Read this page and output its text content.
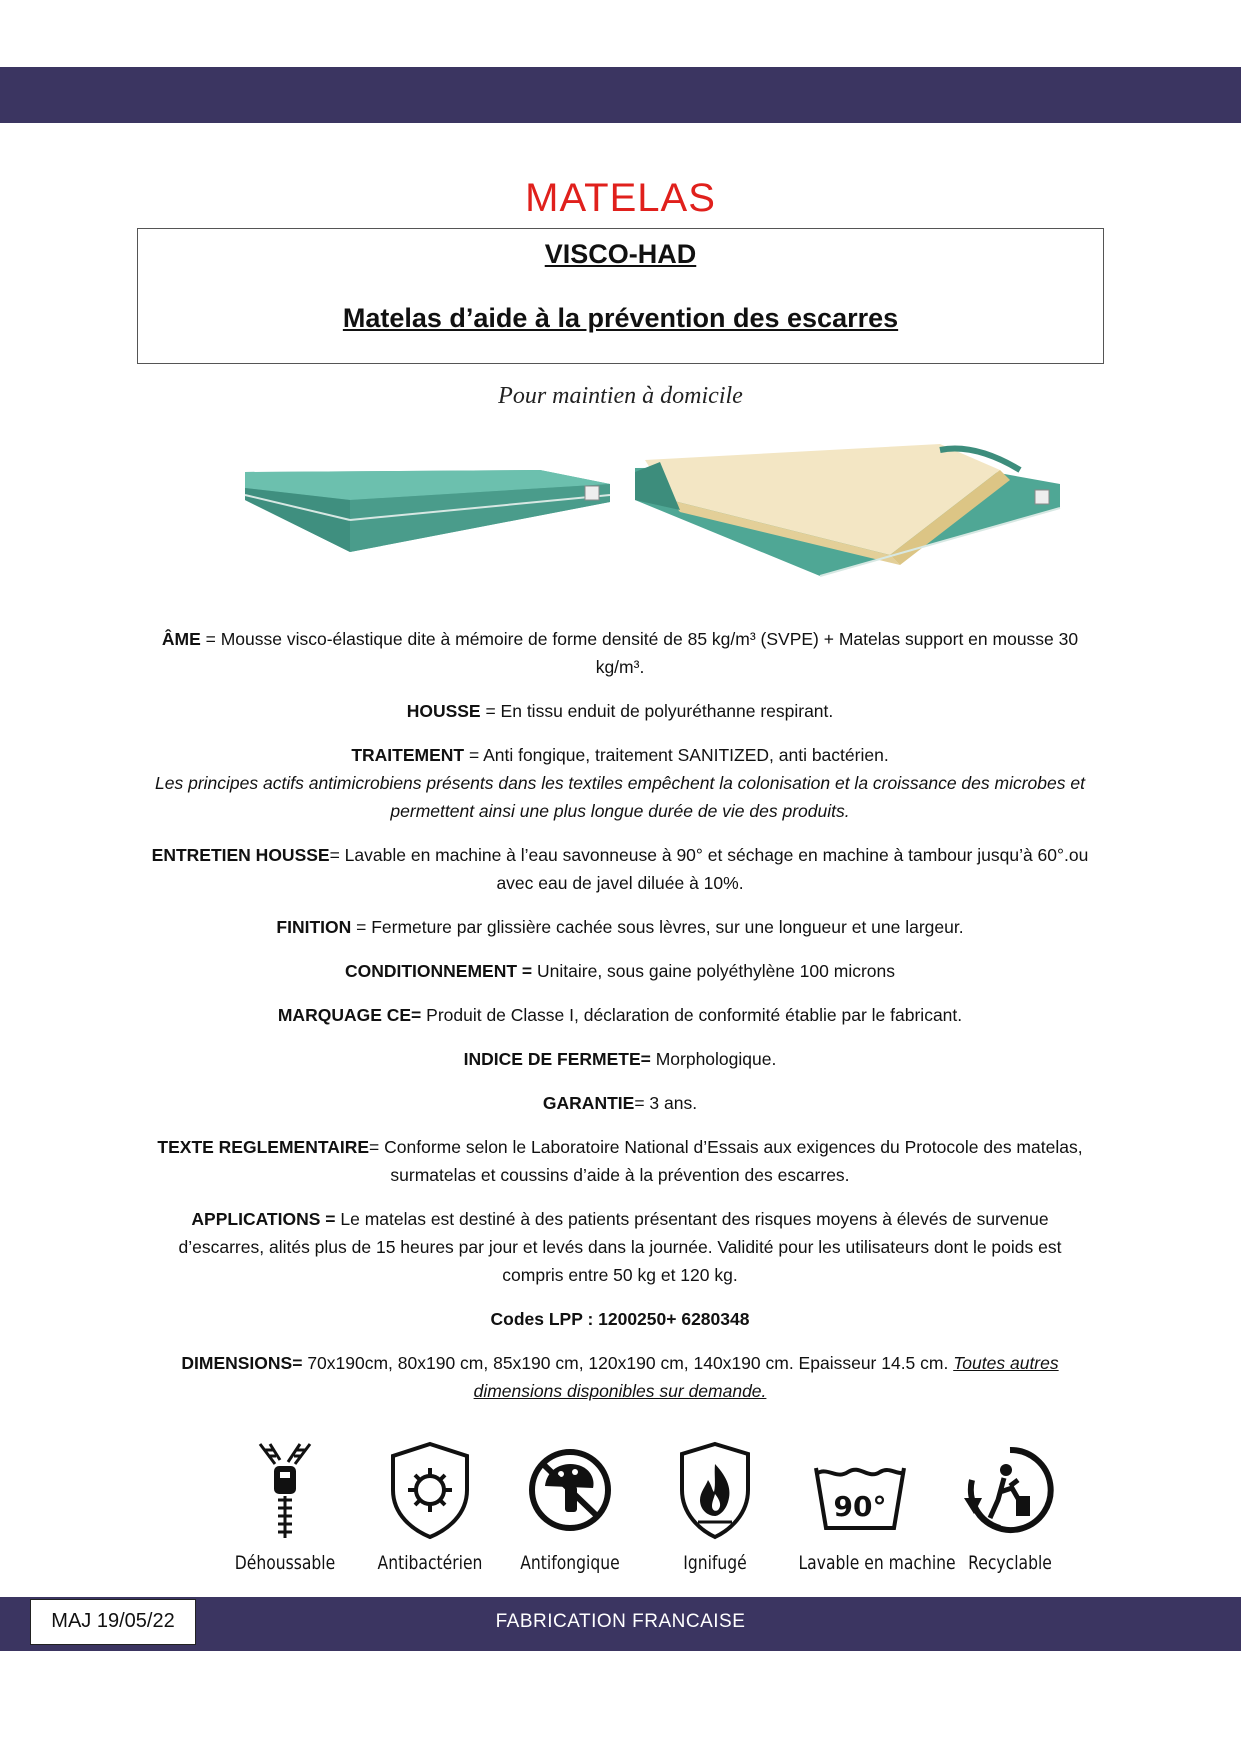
MATELAS
VISCO-HAD
Matelas d’aide à la prévention des escarres
Pour maintien à domicile

ÂME = Mousse visco-élastique dite à mémoire de forme densité de 85 kg/m³ (SVPE) + Matelas support en mousse 30 kg/m³.

HOUSSE = En tissu enduit de polyuréthanne respirant.

TRAITEMENT = Anti fongique, traitement SANITIZED, anti bactérien.
Les principes actifs antimicrobiens présents dans les textiles empêchent la colonisation et la croissance des microbes et permettent ainsi une plus longue durée de vie des produits.

ENTRETIEN HOUSSE= Lavable en machine à l’eau savonneuse à 90° et séchage en machine à tambour jusqu’à 60°.ou avec eau de javel diluée à 10%.

FINITION = Fermeture par glissière cachée sous lèvres, sur une longueur et une largeur.

CONDITIONNEMENT = Unitaire, sous gaine polyéthylène 100 microns

MARQUAGE CE= Produit de Classe I, déclaration de conformité établie par le fabricant.

INDICE DE FERMETE= Morphologique.

GARANTIE= 3 ans.

TEXTE REGLEMENTAIRE= Conforme selon le Laboratoire National d’Essais aux exigences du Protocole des matelas, surmatelas et coussins d’aide à la prévention des escarres.

APPLICATIONS = Le matelas est destiné à des patients présentant des risques moyens à élevés de survenue d’escarres, alités plus de 15 heures par jour et levés dans la journée. Validité pour les utilisateurs dont le poids est compris entre 50 kg et 120 kg.

Codes LPP : 1200250+ 6280348

DIMENSIONS= 70x190cm, 80x190 cm, 85x190 cm, 120x190 cm, 140x190 cm. Epaisseur 14.5 cm. Toutes autres dimensions disponibles sur demande.

Déhoussable	Antibactérien	Antifongique	Ignifugé
90°
Lavable en machine Recyclable
MAJ 19/05/22	FABRICATION FRANCAISE
